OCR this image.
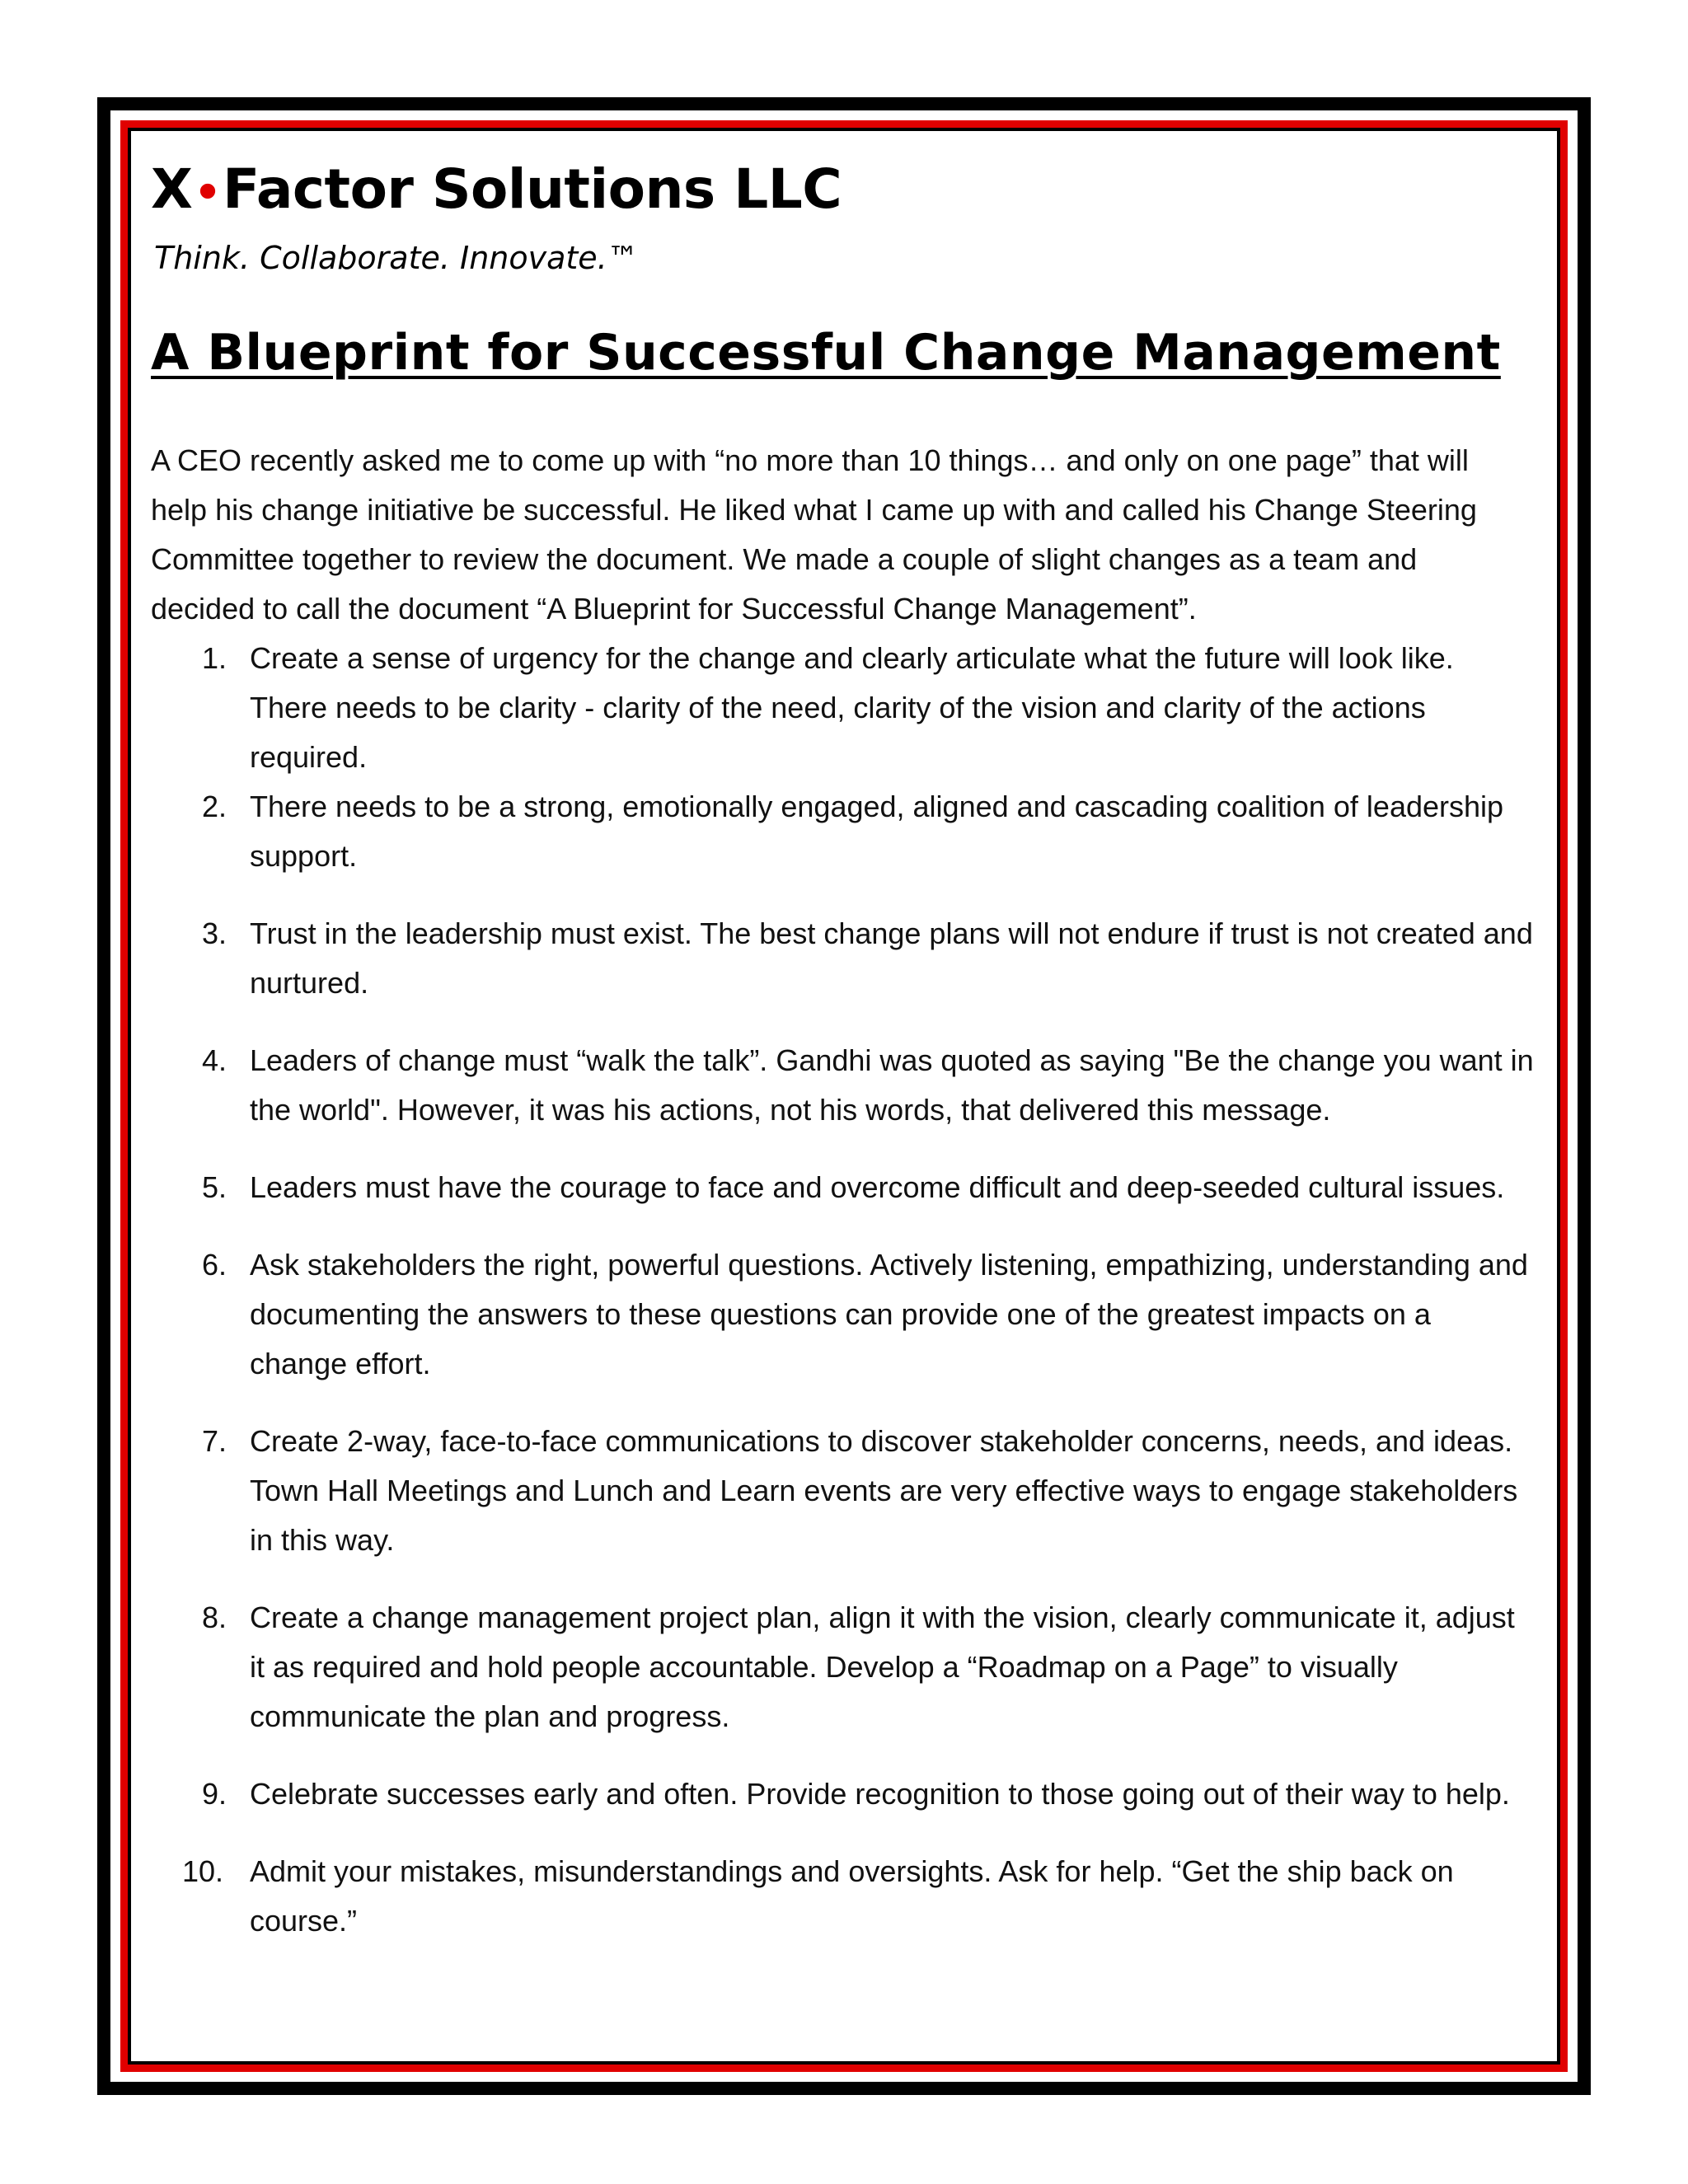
X•Factor Solutions LLC
Think. Collaborate. Innovate.™
A Blueprint for Successful Change Management

A CEO recently asked me to come up with “no more than 10 things… and only on one page” that will help his change initiative be successful. He liked what I came up with and called his Change Steering Committee together to review the document. We made a couple of slight changes as a team and decided to call the document “A Blueprint for Successful Change Management”.

1. Create a sense of urgency for the change and clearly articulate what the future will look like. There needs to be clarity - clarity of the need, clarity of the vision and clarity of the actions required.
2. There needs to be a strong, emotionally engaged, aligned and cascading coalition of leadership support.
3. Trust in the leadership must exist. The best change plans will not endure if trust is not created and nurtured.
4. Leaders of change must “walk the talk”. Gandhi was quoted as saying "Be the change you want in the world". However, it was his actions, not his words, that delivered this message.
5. Leaders must have the courage to face and overcome difficult and deep-seeded cultural issues.
6. Ask stakeholders the right, powerful questions. Actively listening, empathizing, understanding and documenting the answers to these questions can provide one of the greatest impacts on a change effort.
7. Create 2-way, face-to-face communications to discover stakeholder concerns, needs, and ideas. Town Hall Meetings and Lunch and Learn events are very effective ways to engage stakeholders in this way.
8. Create a change management project plan, align it with the vision, clearly communicate it, adjust it as required and hold people accountable. Develop a “Roadmap on a Page” to visually communicate the plan and progress.
9. Celebrate successes early and often. Provide recognition to those going out of their way to help.
10. Admit your mistakes, misunderstandings and oversights. Ask for help. “Get the ship back on course.”
